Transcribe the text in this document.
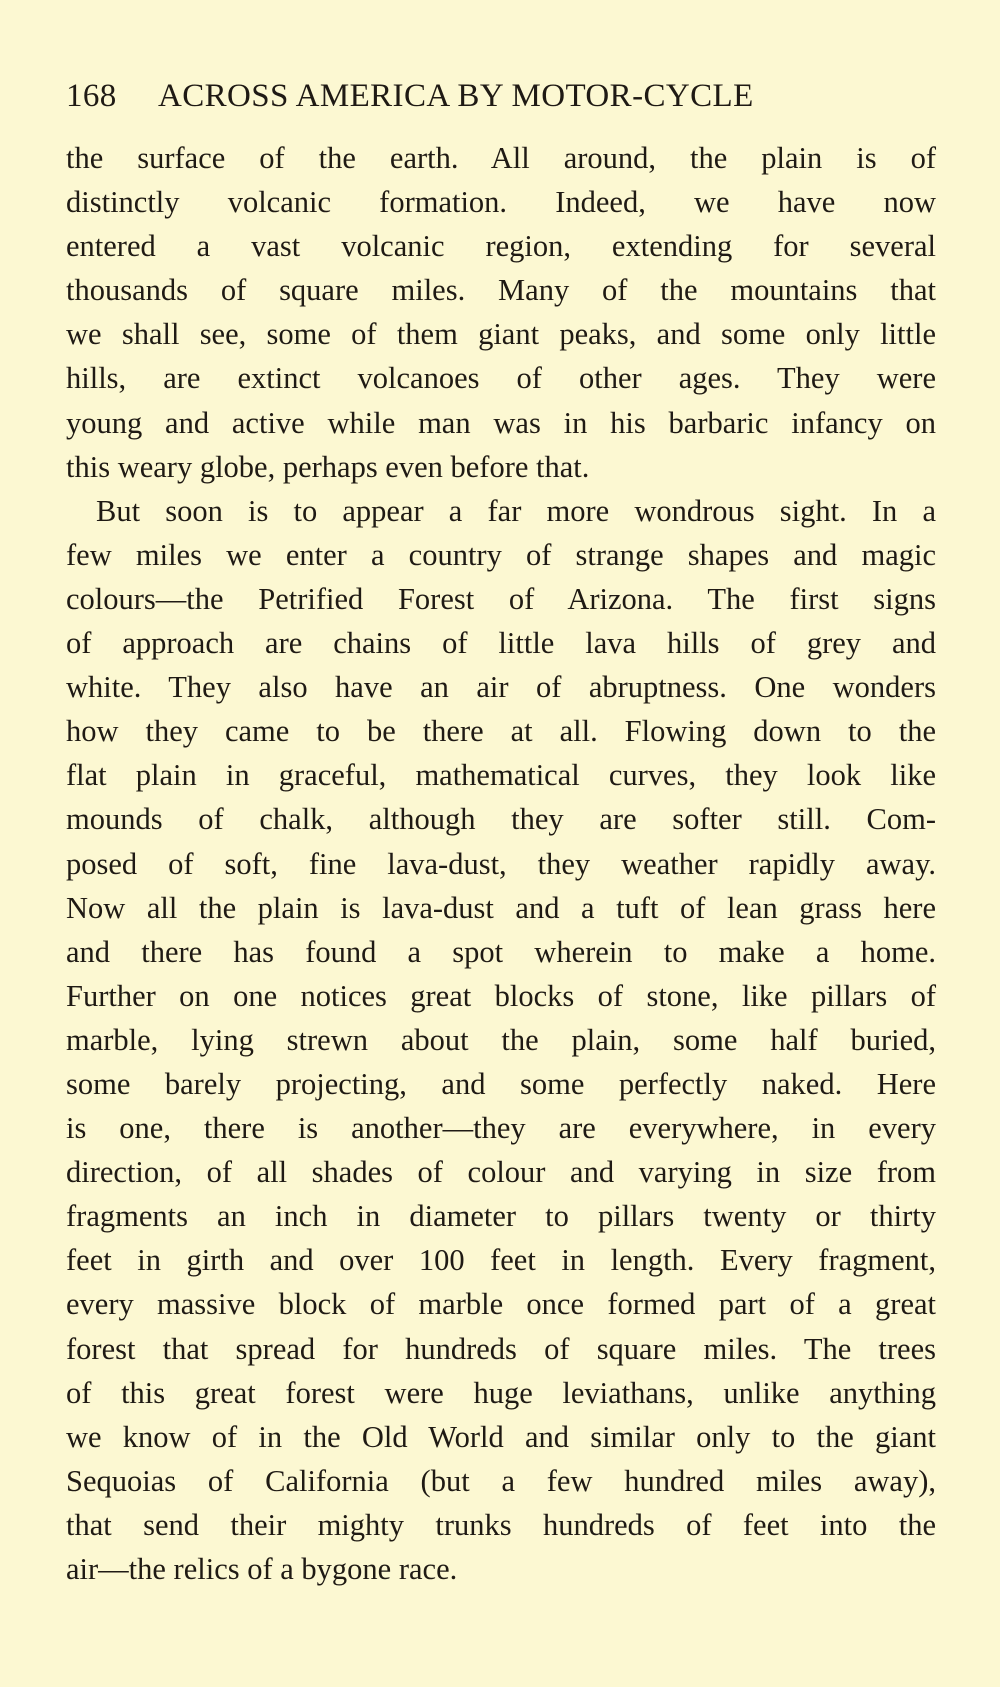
168 ACROSS AMERICA BY MOTOR-CYCLE
the surface of the earth. All around, the plain is of
distinctly volcanic formation. Indeed, we have now
entered a vast volcanic region, extending for several
thousands of square miles. Many of the mountains that
we shall see, some of them giant peaks, and some only little
hills, are extinct volcanoes of other ages. They were
young and active while man was in his barbaric infancy on
this weary globe, perhaps even before that.
But soon is to appear a far more wondrous sight. In a
few miles we enter a country of strange shapes and magic
colours—the Petrified Forest of Arizona. The first signs
of approach are chains of little lava hills of grey and
white. They also have an air of abruptness. One wonders
how they came to be there at all. Flowing down to the
flat plain in graceful, mathematical curves, they look like
mounds of chalk, although they are softer still. Com-
posed of soft, fine lava-dust, they weather rapidly away.
Now all the plain is lava-dust and a tuft of lean grass here
and there has found a spot wherein to make a home.
Further on one notices great blocks of stone, like pillars of
marble, lying strewn about the plain, some half buried,
some barely projecting, and some perfectly naked. Here
is one, there is another—they are everywhere, in every
direction, of all shades of colour and varying in size from
fragments an inch in diameter to pillars twenty or thirty
feet in girth and over 100 feet in length. Every fragment,
every massive block of marble once formed part of a great
forest that spread for hundreds of square miles. The trees
of this great forest were huge leviathans, unlike anything
we know of in the Old World and similar only to the giant
Sequoias of California (but a few hundred miles away),
that send their mighty trunks hundreds of feet into the
air—the relics of a bygone race.
